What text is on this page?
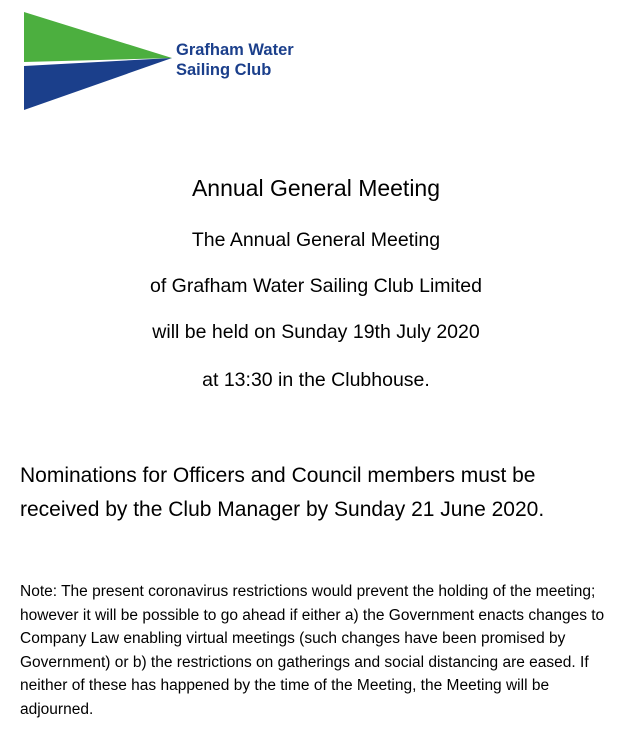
Grafham Water
Sailing Club
Annual General Meeting
The Annual General Meeting
of Grafham Water Sailing Club Limited
will be held on Sunday 19th July 2020
at 13:30 in the Clubhouse.

Nominations for Officers and Council members must be received by the Club Manager by Sunday 21 June 2020.

Note: The present coronavirus restrictions would prevent the holding of the meeting; however it will be possible to go ahead if either a) the Government enacts changes to Company Law enabling virtual meetings (such changes have been promised by Government) or b) the restrictions on gatherings and social distancing are eased. If neither of these has happened by the time of the Meeting, the Meeting will be adjourned.
